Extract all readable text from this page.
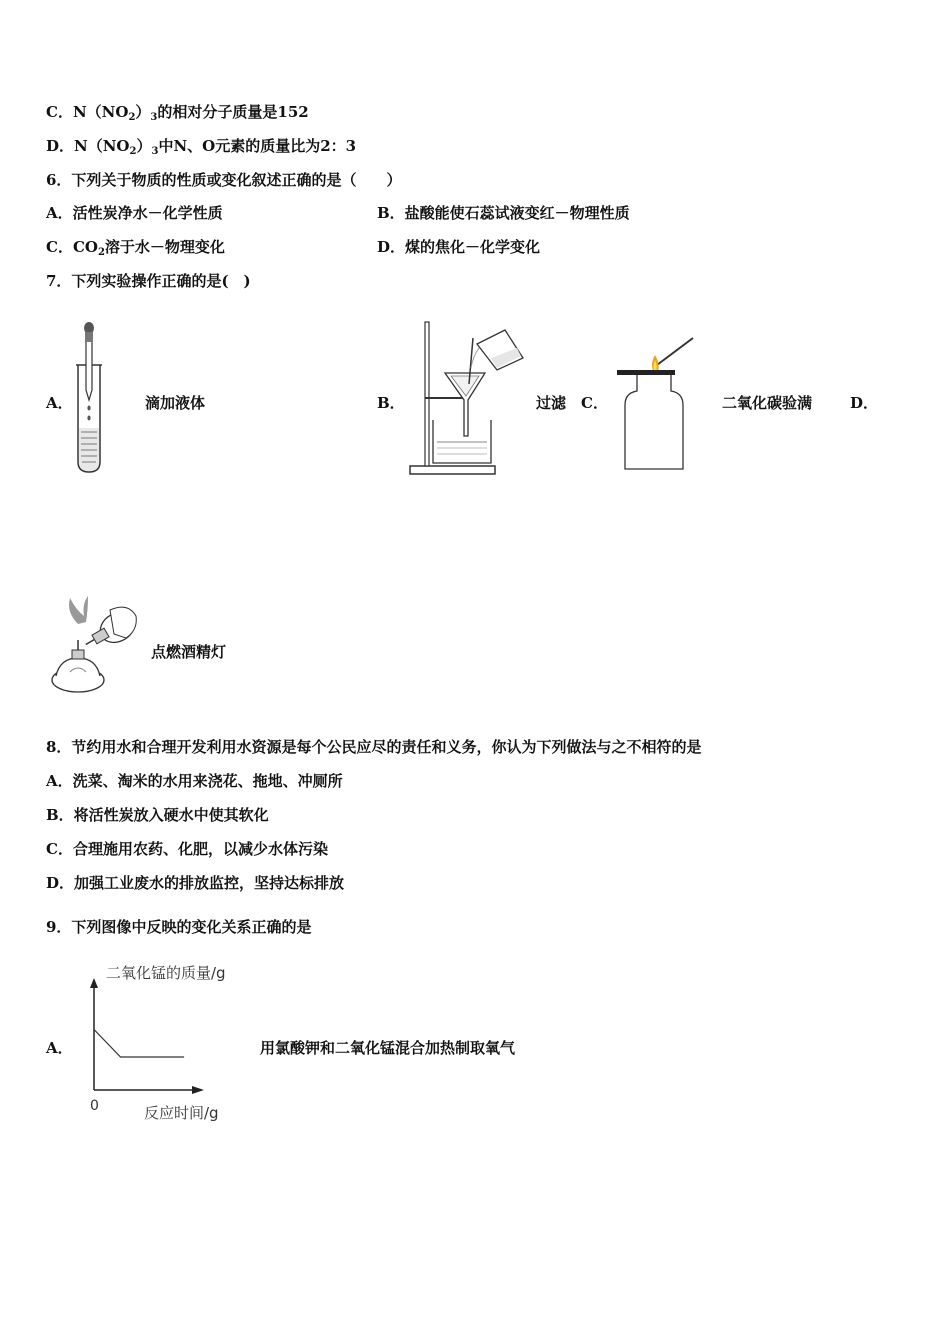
C．$N(NO_2)_3$的相对分子质量是152
D．$N(NO_2)_3$中N、O元素的质量比为2：3
6．下列关于物质的性质或变化叙述正确的是（　　）
A．活性炭净水－化学性质	B．盐酸能使石蕊试液变红－物理性质
C．$CO_2$溶于水－物理变化	D．煤的焦化－化学变化
7．下列实验操作正确的是(　)
A．	滴加液体	B．	过滤 C．	二氧化碳验满	D．
点燃酒精灯
8．节约用水和合理开发利用水资源是每个公民应尽的责任和义务，你认为下列做法与之不相符的是
A．洗菜、淘米的水用来浇花、拖地、冲厕所
B．将活性炭放入硬水中使其软化
C．合理施用农药、化肥，以减少水体污染
D．加强工业废水的排放监控，坚持达标排放
9．下列图像中反映的变化关系正确的是
A．
二氧化锰的质量/g
0	反应时间/g
用氯酸钾和二氧化锰混合加热制取氧气
